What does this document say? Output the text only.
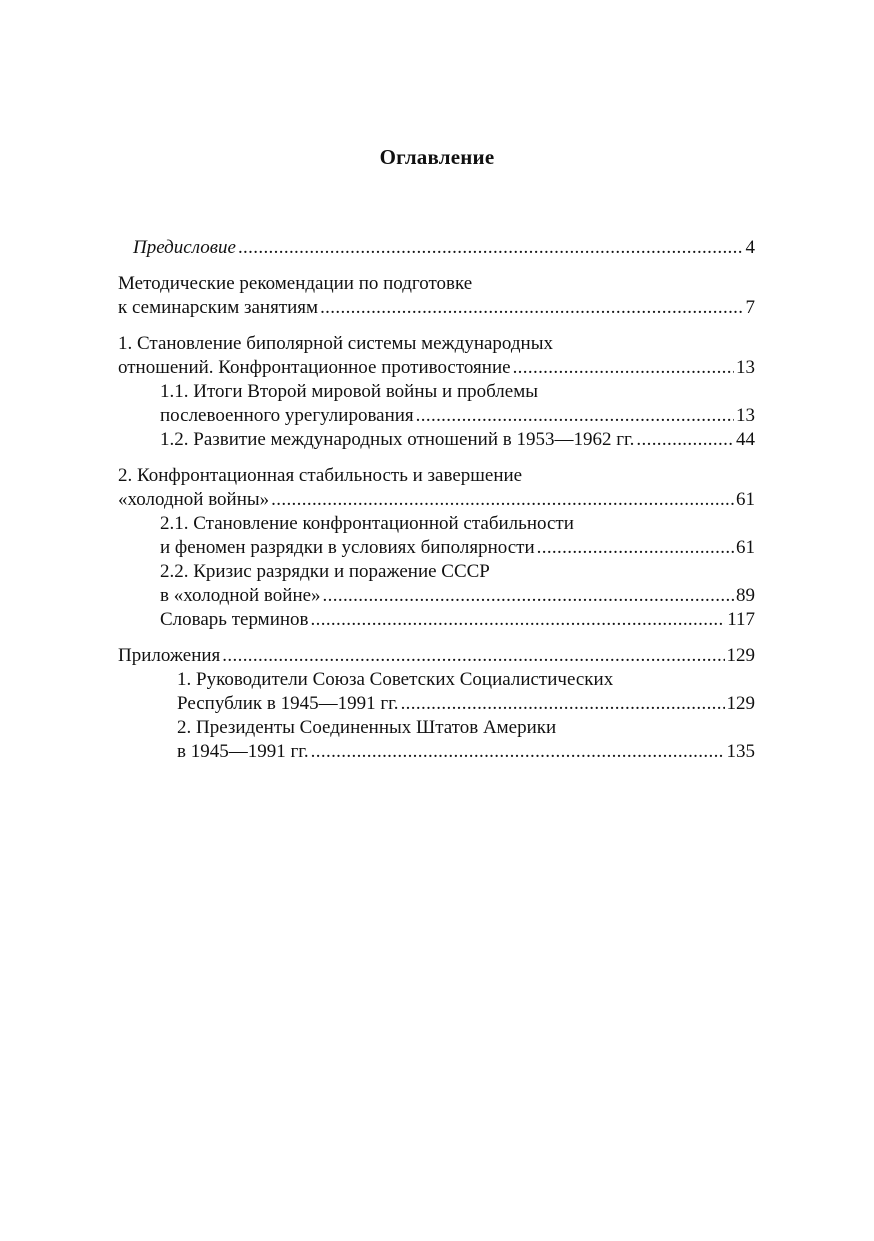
Оглавление
Предисловие . . .	4
Методические рекомендации по подготовке
к семинарским занятиям . . .	7
1. Становление биполярной системы международных
отношений. Конфронтационное противостояние . . .	13
1.1. Итоги Второй мировой войны и проблемы
послевоенного урегулирования . . .	13
1.2. Развитие международных отношений в 1953—1962 гг. . . .	44
2. Конфронтационная стабильность и завершение
«холодной войны» . . .	61
2.1. Становление конфронтационной стабильности
и феномен разрядки в условиях биполярности . . .	61
2.2. Кризис разрядки и поражение СССР
в «холодной войне» . . .	89
Словарь терминов . . .	117
Приложения . . .	129
1. Руководители Союза Советских Социалистических
Республик в 1945—1991 гг. . . .	129
2. Президенты Соединенных Штатов Америки
в 1945—1991 гг. . . .	135
